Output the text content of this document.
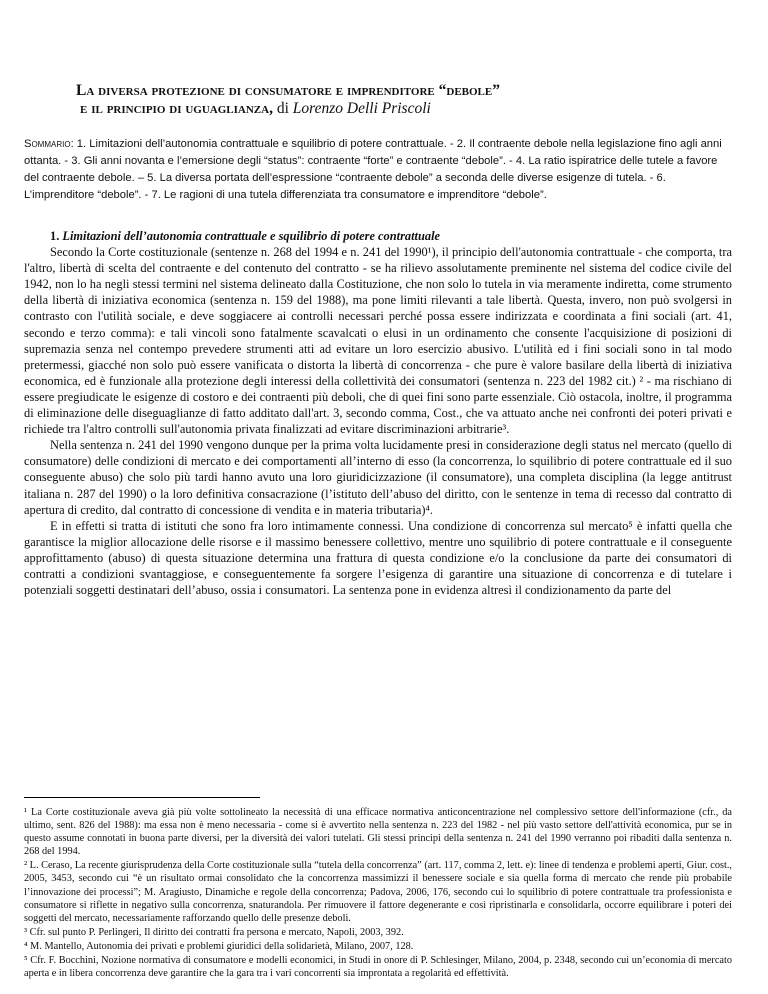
La diversa protezione di consumatore e imprenditore “debole”
e il principio di uguaglianza, di Lorenzo Delli Priscoli
Sommario: 1. Limitazioni dell’autonomia contrattuale e squilibrio di potere contrattuale. - 2. Il contraente debole nella legislazione fino agli anni ottanta. - 3. Gli anni novanta e l’emersione degli “status”: contraente “forte” e contraente “debole”. - 4. La ratio ispiratrice delle tutele a favore del contraente debole. – 5. La diversa portata dell’espressione “contraente debole” a seconda delle diverse esigenze di tutela. - 6. L’imprenditore “debole”. - 7. Le ragioni di una tutela differenziata tra consumatore e imprenditore “debole”.

1. Limitazioni dell’autonomia contrattuale e squilibrio di potere contrattuale

Secondo la Corte costituzionale (sentenze n. 268 del 1994 e n. 241 del 1990¹), il principio dell'autonomia contrattuale - che comporta, tra l'altro, libertà di scelta del contraente e del contenuto del contratto - se ha rilievo assolutamente preminente nel sistema del codice civile del 1942, non lo ha negli stessi termini nel sistema delineato dalla Costituzione, che non solo lo tutela in via meramente indiretta, come strumento della libertà di iniziativa economica (sentenza n. 159 del 1988), ma pone limiti rilevanti a tale libertà. Questa, invero, non può svolgersi in contrasto con l'utilità sociale, e deve soggiacere ai controlli necessari perché possa essere indirizzata e coordinata a fini sociali (art. 41, secondo e terzo comma): e tali vincoli sono fatalmente scavalcati o elusi in un ordinamento che consente l'acquisizione di posizioni di supremazia senza nel contempo prevedere strumenti atti ad evitare un loro esercizio abusivo. L'utilità ed i fini sociali sono in tal modo pretermessi, giacché non solo può essere vanificata o distorta la libertà di concorrenza - che pure è valore basilare della libertà di iniziativa economica, ed è funzionale alla protezione degli interessi della collettività dei consumatori (sentenza n. 223 del 1982 cit.) ² - ma rischiano di essere pregiudicate le esigenze di costoro e dei contraenti più deboli, che di quei fini sono parte essenziale. Ciò ostacola, inoltre, il programma di eliminazione delle diseguaglianze di fatto additato dall'art. 3, secondo comma, Cost., che va attuato anche nei confronti dei poteri privati e richiede tra l'altro controlli sull'autonomia privata finalizzati ad evitare discriminazioni arbitrarie³.

Nella sentenza n. 241 del 1990 vengono dunque per la prima volta lucidamente presi in considerazione degli status nel mercato (quello di consumatore) delle condizioni di mercato e dei comportamenti all’interno di esso (la concorrenza, lo squilibrio di potere contrattuale ed il suo conseguente abuso) che solo più tardi hanno avuto una loro giuridicizzazione (il consumatore), una completa disciplina (la legge antitrust italiana n. 287 del 1990) o la loro definitiva consacrazione (l’istituto dell’abuso del diritto, con le sentenze in tema di recesso dal contratto di apertura di credito, dal contratto di concessione di vendita e in materia tributaria)⁴.

E in effetti si tratta di istituti che sono fra loro intimamente connessi. Una condizione di concorrenza sul mercato⁵ è infatti quella che garantisce la miglior allocazione delle risorse e il massimo benessere collettivo, mentre uno squilibrio di potere contrattuale e il conseguente approfittamento (abuso) di questa situazione determina una frattura di questa condizione e/o la conclusione da parte dei consumatori di contratti a condizioni svantaggiose, e conseguentemente fa sorgere l’esigenza di garantire una situazione di concorrenza e di tutelare i potenziali soggetti destinatari dell’abuso, ossia i consumatori. La sentenza pone in evidenza altresì il condizionamento da parte del

¹ La Corte costituzionale aveva già più volte sottolineato la necessità di una efficace normativa anticoncentrazione nel complessivo settore dell'informazione (cfr., da ultimo, sent. 826 del 1988): ma essa non è meno necessaria - come si è avvertito nella sentenza n. 223 del 1982 - nel più vasto settore dell'attività economica, pur se in questo assume connotati in buona parte diversi, per la diversità dei valori tutelati. Gli stessi principi della sentenza n. 241 del 1990 verranno poi ribaditi dalla sentenza n. 268 del 1994.

² L. Ceraso, La recente giurisprudenza della Corte costituzionale sulla “tutela della concorrenza” (art. 117, comma 2, lett. e): linee di tendenza e problemi aperti, Giur. cost., 2005, 3453, secondo cui “è un risultato ormai consolidato che la concorrenza massimizzi il benessere sociale e sia quella forma di mercato che rende più probabile l’innovazione dei processi”; M. Aragiusto, Dinamiche e regole della concorrenza; Padova, 2006, 176, secondo cui lo squilibrio di potere contrattuale tra professionista e consumatore si riflette in negativo sulla concorrenza, snaturandola. Per rimuovere il fattore degenerante e così ripristinarla e consolidarla, occorre equilibrare i poteri dei soggetti del mercato, necessariamente rafforzando quello delle presenze deboli.

³ Cfr. sul punto P. Perlingeri, Il diritto dei contratti fra persona e mercato, Napoli, 2003, 392.

⁴ M. Mantello, Autonomia dei privati e problemi giuridici della solidarietà, Milano, 2007, 128.

⁵ Cfr. F. Bocchini, Nozione normativa di consumatore e modelli economici, in Studi in onore di P. Schlesinger, Milano, 2004, p. 2348, secondo cui un’economia di mercato aperta e in libera concorrenza deve garantire che la gara tra i vari concorrenti sia improntata a regolarità ed effettività.
